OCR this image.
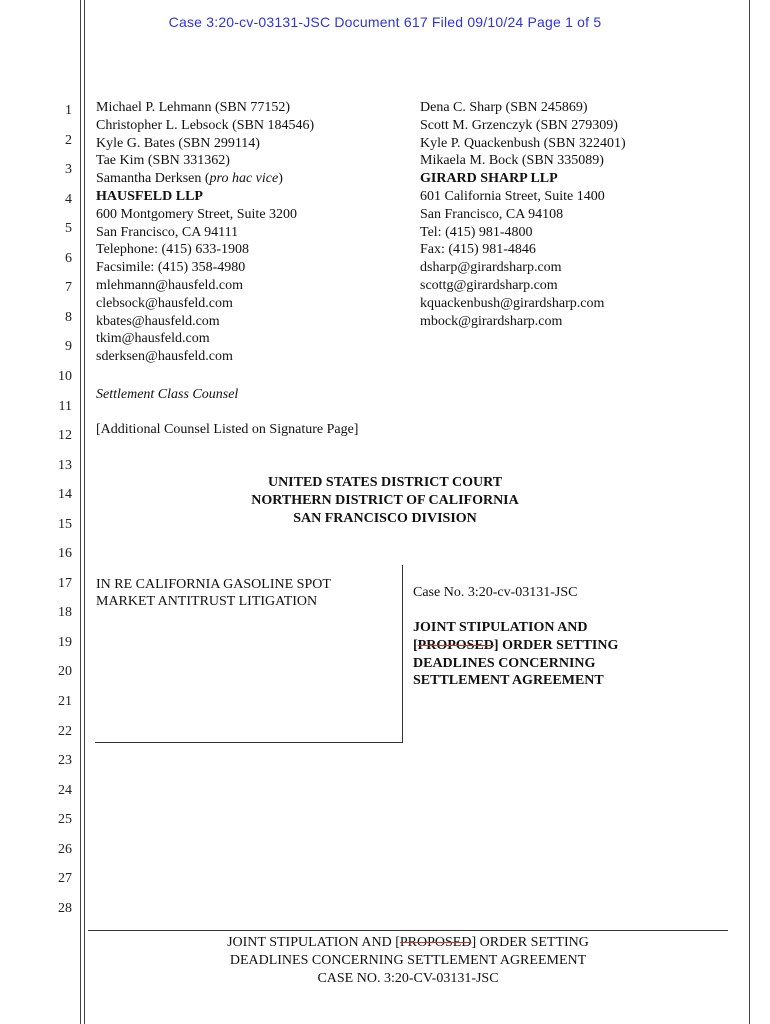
Case 3:20-cv-03131-JSC Document 617 Filed 09/10/24 Page 1 of 5
1
2
3
4
5
6
7
8
9
10
11
12
13
14
15
16
17
18
19
20
21
22
23
24
25
26
27
28
Michael P. Lehmann (SBN 77152)
Christopher L. Lebsock (SBN 184546)
Kyle G. Bates (SBN 299114)
Tae Kim (SBN 331362)
Samantha Derksen (pro hac vice)
HAUSFELD LLP
600 Montgomery Street, Suite 3200
San Francisco, CA 94111
Telephone: (415) 633-1908
Facsimile: (415) 358-4980
mlehmann@hausfeld.com
clebsock@hausfeld.com
kbates@hausfeld.com
tkim@hausfeld.com
sderksen@hausfeld.com
Settlement Class Counsel
[Additional Counsel Listed on Signature Page]
Dena C. Sharp (SBN 245869)
Scott M. Grzenczyk (SBN 279309)
Kyle P. Quackenbush (SBN 322401)
Mikaela M. Bock (SBN 335089)
GIRARD SHARP LLP
601 California Street, Suite 1400
San Francisco, CA 94108
Tel: (415) 981-4800
Fax: (415) 981-4846
dsharp@girardsharp.com
scottg@girardsharp.com
kquackenbush@girardsharp.com
mbock@girardsharp.com
UNITED STATES DISTRICT COURT
NORTHERN DISTRICT OF CALIFORNIA
SAN FRANCISCO DIVISION
IN RE CALIFORNIA GASOLINE SPOT
MARKET ANTITRUST LITIGATION
Case No. 3:20-cv-03131-JSC
JOINT STIPULATION AND
[PROPOSED] ORDER SETTING
DEADLINES CONCERNING
SETTLEMENT AGREEMENT
JOINT STIPULATION AND [PROPOSED] ORDER SETTING
DEADLINES CONCERNING SETTLEMENT AGREEMENT
CASE NO. 3:20-CV-03131-JSC
